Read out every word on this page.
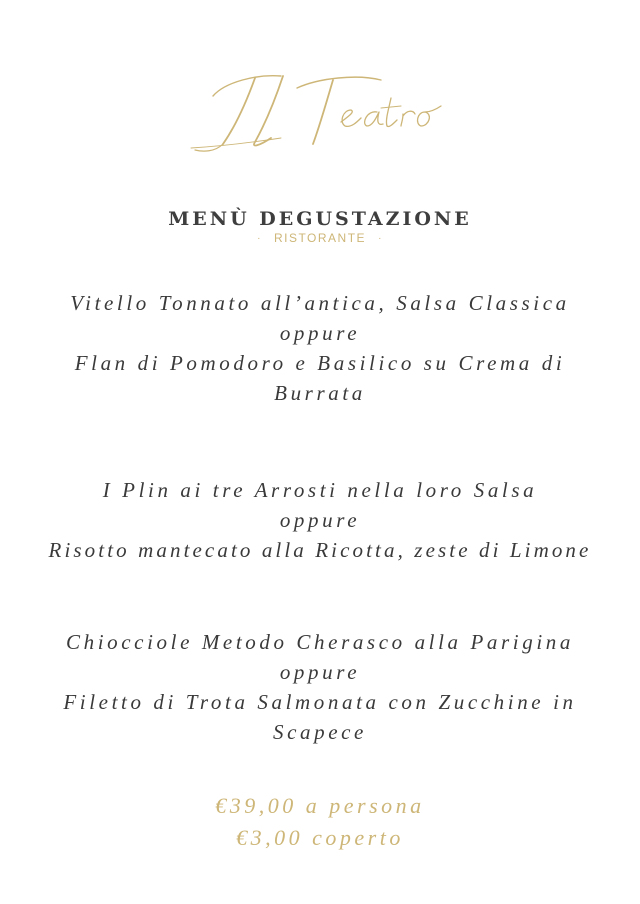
· RISTORANTE ·
MENÙ DEGUSTAZIONE
Vitello Tonnato all’antica, Salsa Classica
oppure
Flan di Pomodoro e Basilico su Crema di
Burrata
I Plin ai tre Arrosti nella loro Salsa
oppure
Risotto mantecato alla Ricotta, zeste di Limone
Chiocciole Metodo Cherasco alla Parigina
oppure
Filetto di Trota Salmonata con Zucchine in
Scapece
€39,00 a persona
€3,00 coperto
